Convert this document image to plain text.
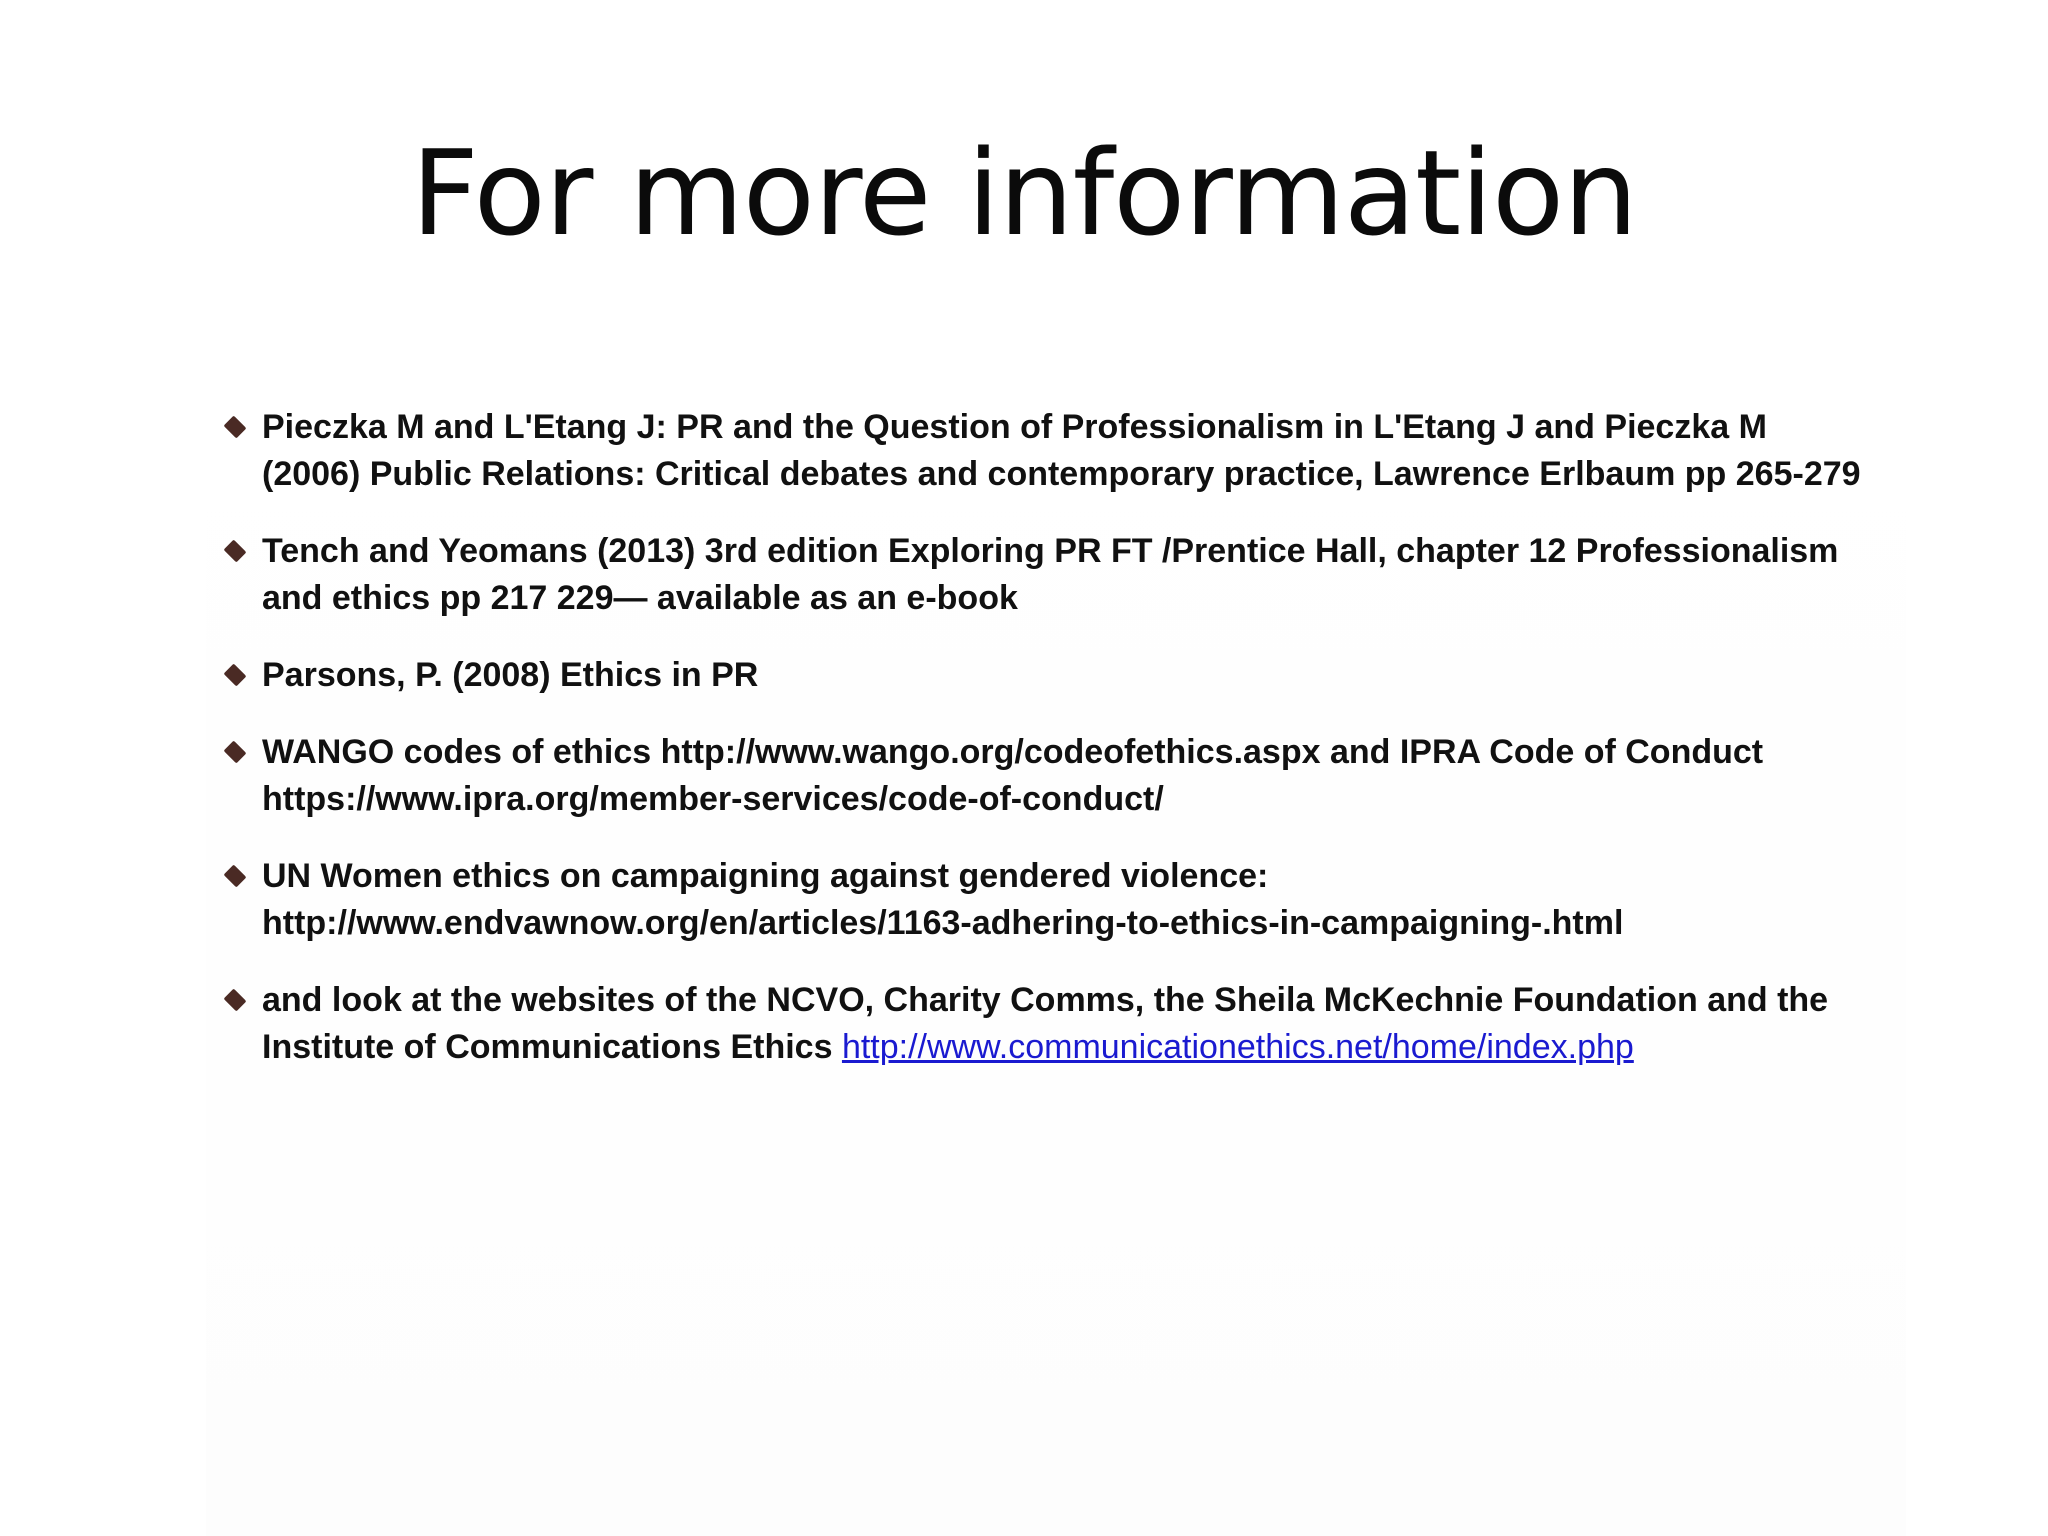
For more information
Pieczka M and L'Etang J: PR and the Question of Professionalism in L'Etang J and Pieczka M (2006) Public Relations: Critical debates and contemporary practice, Lawrence Erlbaum pp 265-279
Tench and Yeomans (2013) 3rd edition Exploring PR FT /Prentice Hall, chapter 12 Professionalism and ethics pp 217 229— available as an e-book
Parsons, P. (2008) Ethics in PR
WANGO codes of ethics http://www.wango.org/codeofethics.aspx and IPRA Code of Conduct https://www.ipra.org/member-services/code-of-conduct/
UN Women ethics on campaigning against gendered violence: http://www.endvawnow.org/en/articles/1163-adhering-to-ethics-in-campaigning-.html
and look at the websites of the NCVO, Charity Comms, the Sheila McKechnie Foundation and the Institute of Communications Ethics http://www.communicationethics.net/home/index.php
